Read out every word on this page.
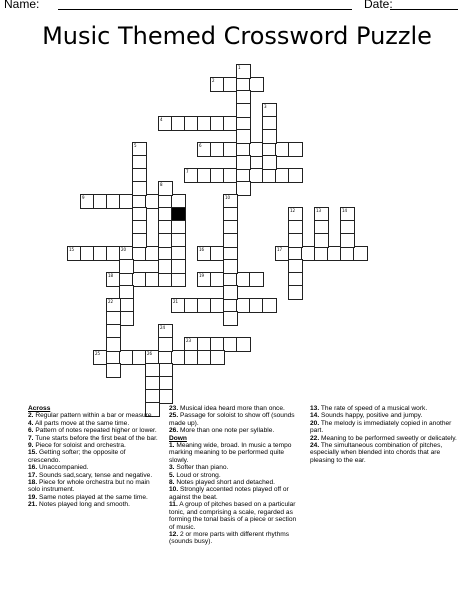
Name:	Date:
Music Themed Crossword Puzzle
2
4
6
7
9
15	20	16	17
18	19
21
23
25	26
1
3
5
8
10
12	13	14
22
24
Across
2. Regular pattern within a bar or measure.
4. All parts move at the same time.
6. Pattern of notes repeated higher or lower.
7. Tune starts before the first beat of the bar.
9. Piece for soloist and orchestra.
15. Getting softer; the opposite of crescendo.
16. Unaccompanied.
17. Sounds sad,scary, tense and negative.
18. Piece for whole orchestra but no main solo instrument.
19. Same notes played at the same time.
21. Notes played long and smooth.
23. Musical idea heard more than once.
25. Passage for soloist to show off (sounds made up).
26. More than one note per syllable.
Down
1. Meaning wide, broad. In music a tempo marking meaning to be performed quite slowly.
3. Softer than piano.
5. Loud or strong.
8. Notes played short and detached.
10. Strongly accented notes played off or against the beat.
11. A group of pitches based on a particular tonic, and comprising a scale, regarded as forming the tonal basis of a piece or section of music.
12. 2 or more parts with different rhythms (sounds busy).
13. The rate of speed of a musical work.
14. Sounds happy, positive and jumpy.
20. The melody is immediately copied in another part.
22. Meaning to be performed sweetly or delicately.
24. The simultaneous combination of pitches, especially when blended into chords that are pleasing to the ear.
